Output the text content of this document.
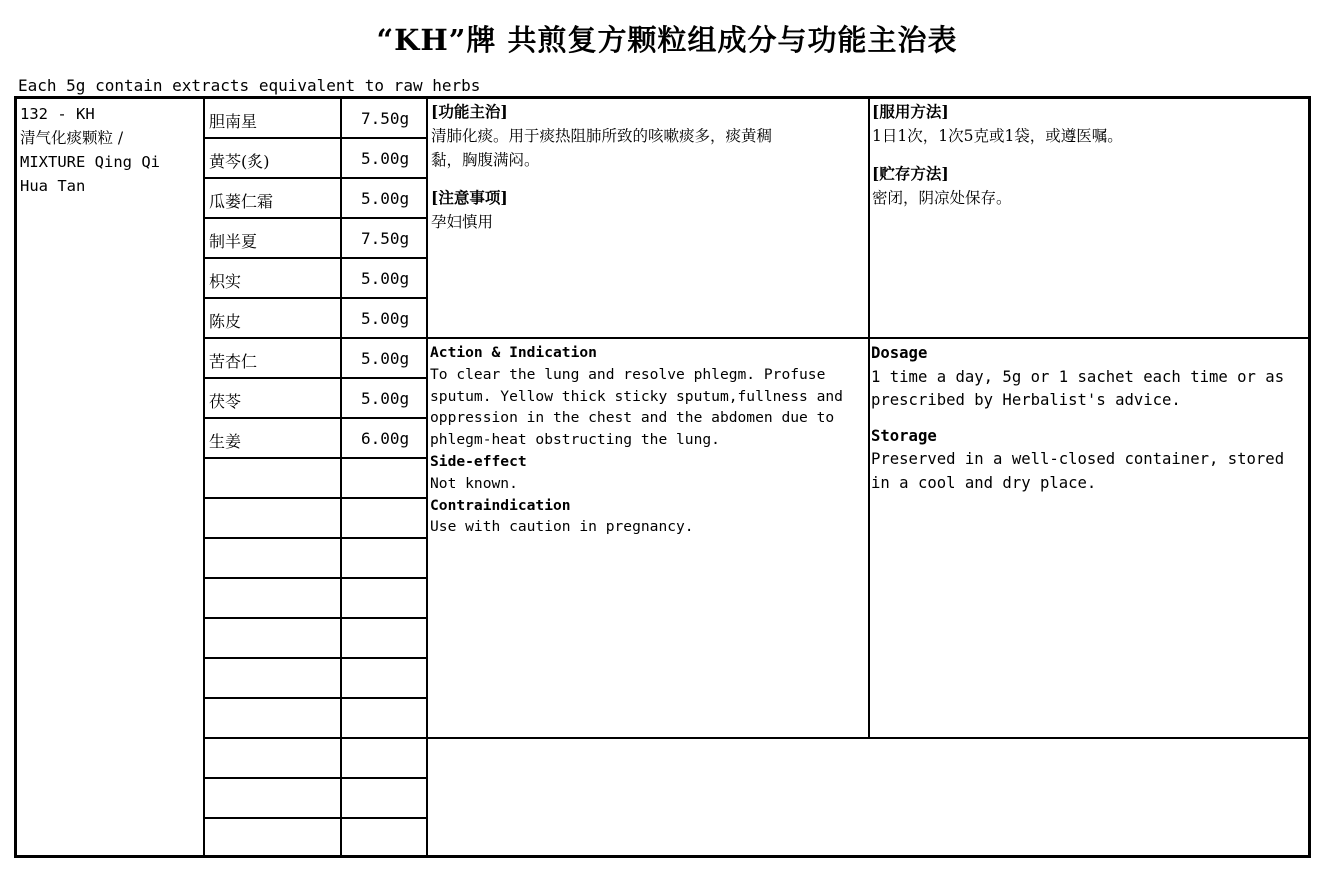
“KH”牌 共煎复方颗粒组成分与功能主治表
Each 5g contain extracts equivalent to raw herbs
132 - KH
清气化痰颗粒 /
MIXTURE Qing Qi
Hua Tan
胆南星	7.50g
黄芩(炙)	5.00g
瓜蒌仁霜	5.00g
制半夏	7.50g
枳实	5.00g
陈皮	5.00g
苦杏仁	5.00g
茯苓	5.00g
生姜	6.00g
[功能主治]
清肺化痰。用于痰热阻肺所致的咳嗽痰多，痰黄稠
黏，胸腹满闷。
[注意事项]
孕妇慎用
[服用方法]
1日1次，1次5克或1袋，或遵医嘱。
[贮存方法]
密闭，阴凉处保存。
Action & Indication
To clear the lung and resolve phlegm. Profuse
sputum. Yellow thick sticky sputum,fullness and
oppression in the chest and the abdomen due to
phlegm-heat obstructing the lung.
Side-effect
Not known.
Contraindication
Use with caution in pregnancy.
Dosage
1 time a day, 5g or 1 sachet each time or as
prescribed by Herbalist's advice.
Storage
Preserved in a well-closed container, stored
in a cool and dry place.
